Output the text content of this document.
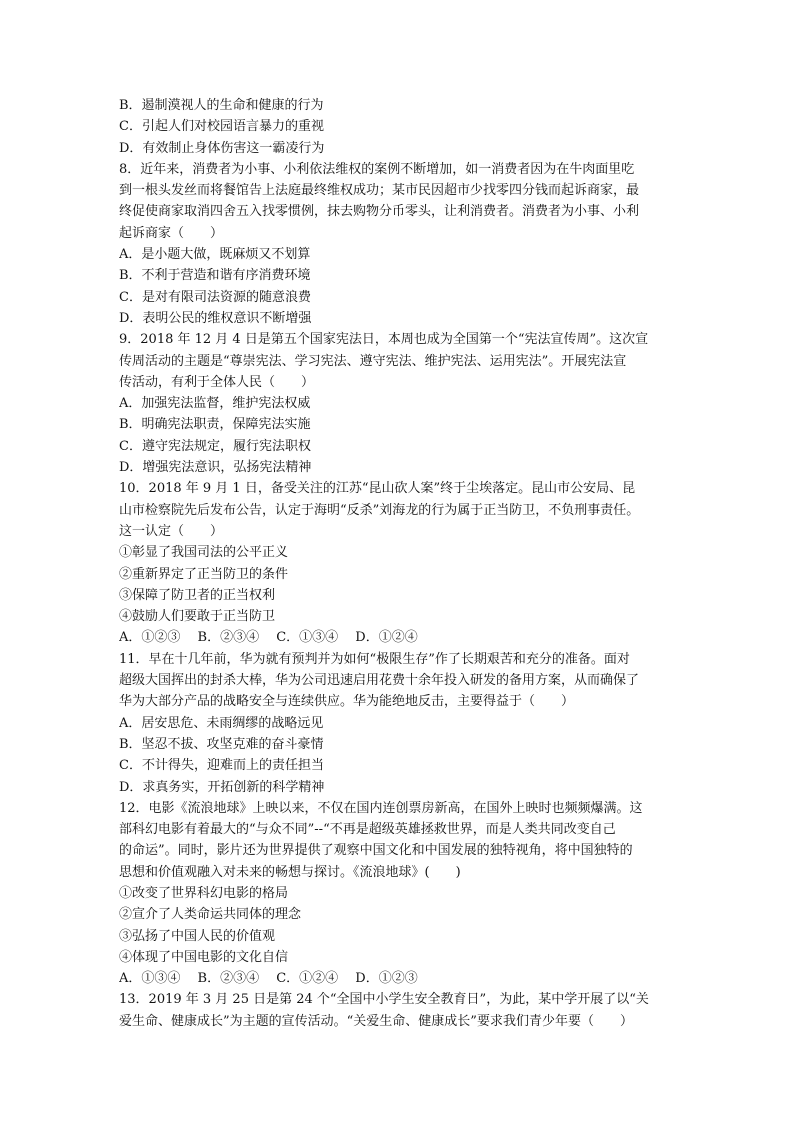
B．遏制漠视人的生命和健康的行为
C．引起人们对校园语言暴力的重视
D．有效制止身体伤害这一霸凌行为
8．近年来，消费者为小事、小利依法维权的案例不断增加，如一消费者因为在牛肉面里吃
到一根头发丝而将餐馆告上法庭最终维权成功；某市民因超市少找零四分钱而起诉商家，最
终促使商家取消四舍五入找零惯例，抹去购物分币零头，让利消费者。消费者为小事、小利
起诉商家（　　）
A．是小题大做，既麻烦又不划算
B．不利于营造和谐有序消费环境
C．是对有限司法资源的随意浪费
D．表明公民的维权意识不断增强
9．2018 年 12 月 4 日是第五个国家宪法日，本周也成为全国第一个“宪法宣传周”。这次宣
传周活动的主题是“尊崇宪法、学习宪法、遵守宪法、维护宪法、运用宪法”。开展宪法宣
传活动，有利于全体人民（　　）
A．加强宪法监督，维护宪法权威
B．明确宪法职责，保障宪法实施
C．遵守宪法规定，履行宪法职权
D．增强宪法意识，弘扬宪法精神
10．2018 年 9 月 1 日，备受关注的江苏“昆山砍人案”终于尘埃落定。昆山市公安局、昆
山市检察院先后发布公告，认定于海明“反杀”刘海龙的行为属于正当防卫，不负刑事责任。
这一认定（　　）
①彰显了我国司法的公平正义
②重新界定了正当防卫的条件
③保障了防卫者的正当权利
④鼓励人们要敢于正当防卫
A．①②③　 B．②③④　 C．①③④　 D．①②④
11．早在十几年前，华为就有预判并为如何“极限生存”作了长期艰苦和充分的准备。面对
超级大国挥出的封杀大棒，华为公司迅速启用花费十余年投入研发的备用方案，从而确保了
华为大部分产品的战略安全与连续供应。华为能绝地反击，主要得益于（　　）
A．居安思危、未雨绸缪的战略远见
B．坚忍不拔、攻坚克难的奋斗豪情
C．不计得失，迎难而上的责任担当
D．求真务实，开拓创新的科学精神
12．电影《流浪地球》上映以来，不仅在国内连创票房新高，在国外上映时也频频爆满。这
部科幻电影有着最大的“与众不同”--“不再是超级英雄拯救世界，而是人类共同改变自己
的命运”。同时，影片还为世界提供了观察中国文化和中国发展的独特视角，将中国独特的
思想和价值观融入对未来的畅想与探讨。《流浪地球》(　　)
①改变了世界科幻电影的格局
②宣介了人类命运共同体的理念
③弘扬了中国人民的价值观
④体现了中国电影的文化自信
A．①③④　 B．②③④　 C．①②④　 D．①②③
13．2019 年 3 月 25 日是第 24 个“全国中小学生安全教育日”，为此，某中学开展了以“关
爱生命、健康成长”为主题的宣传活动。“关爱生命、健康成长”要求我们青少年要（　　）
